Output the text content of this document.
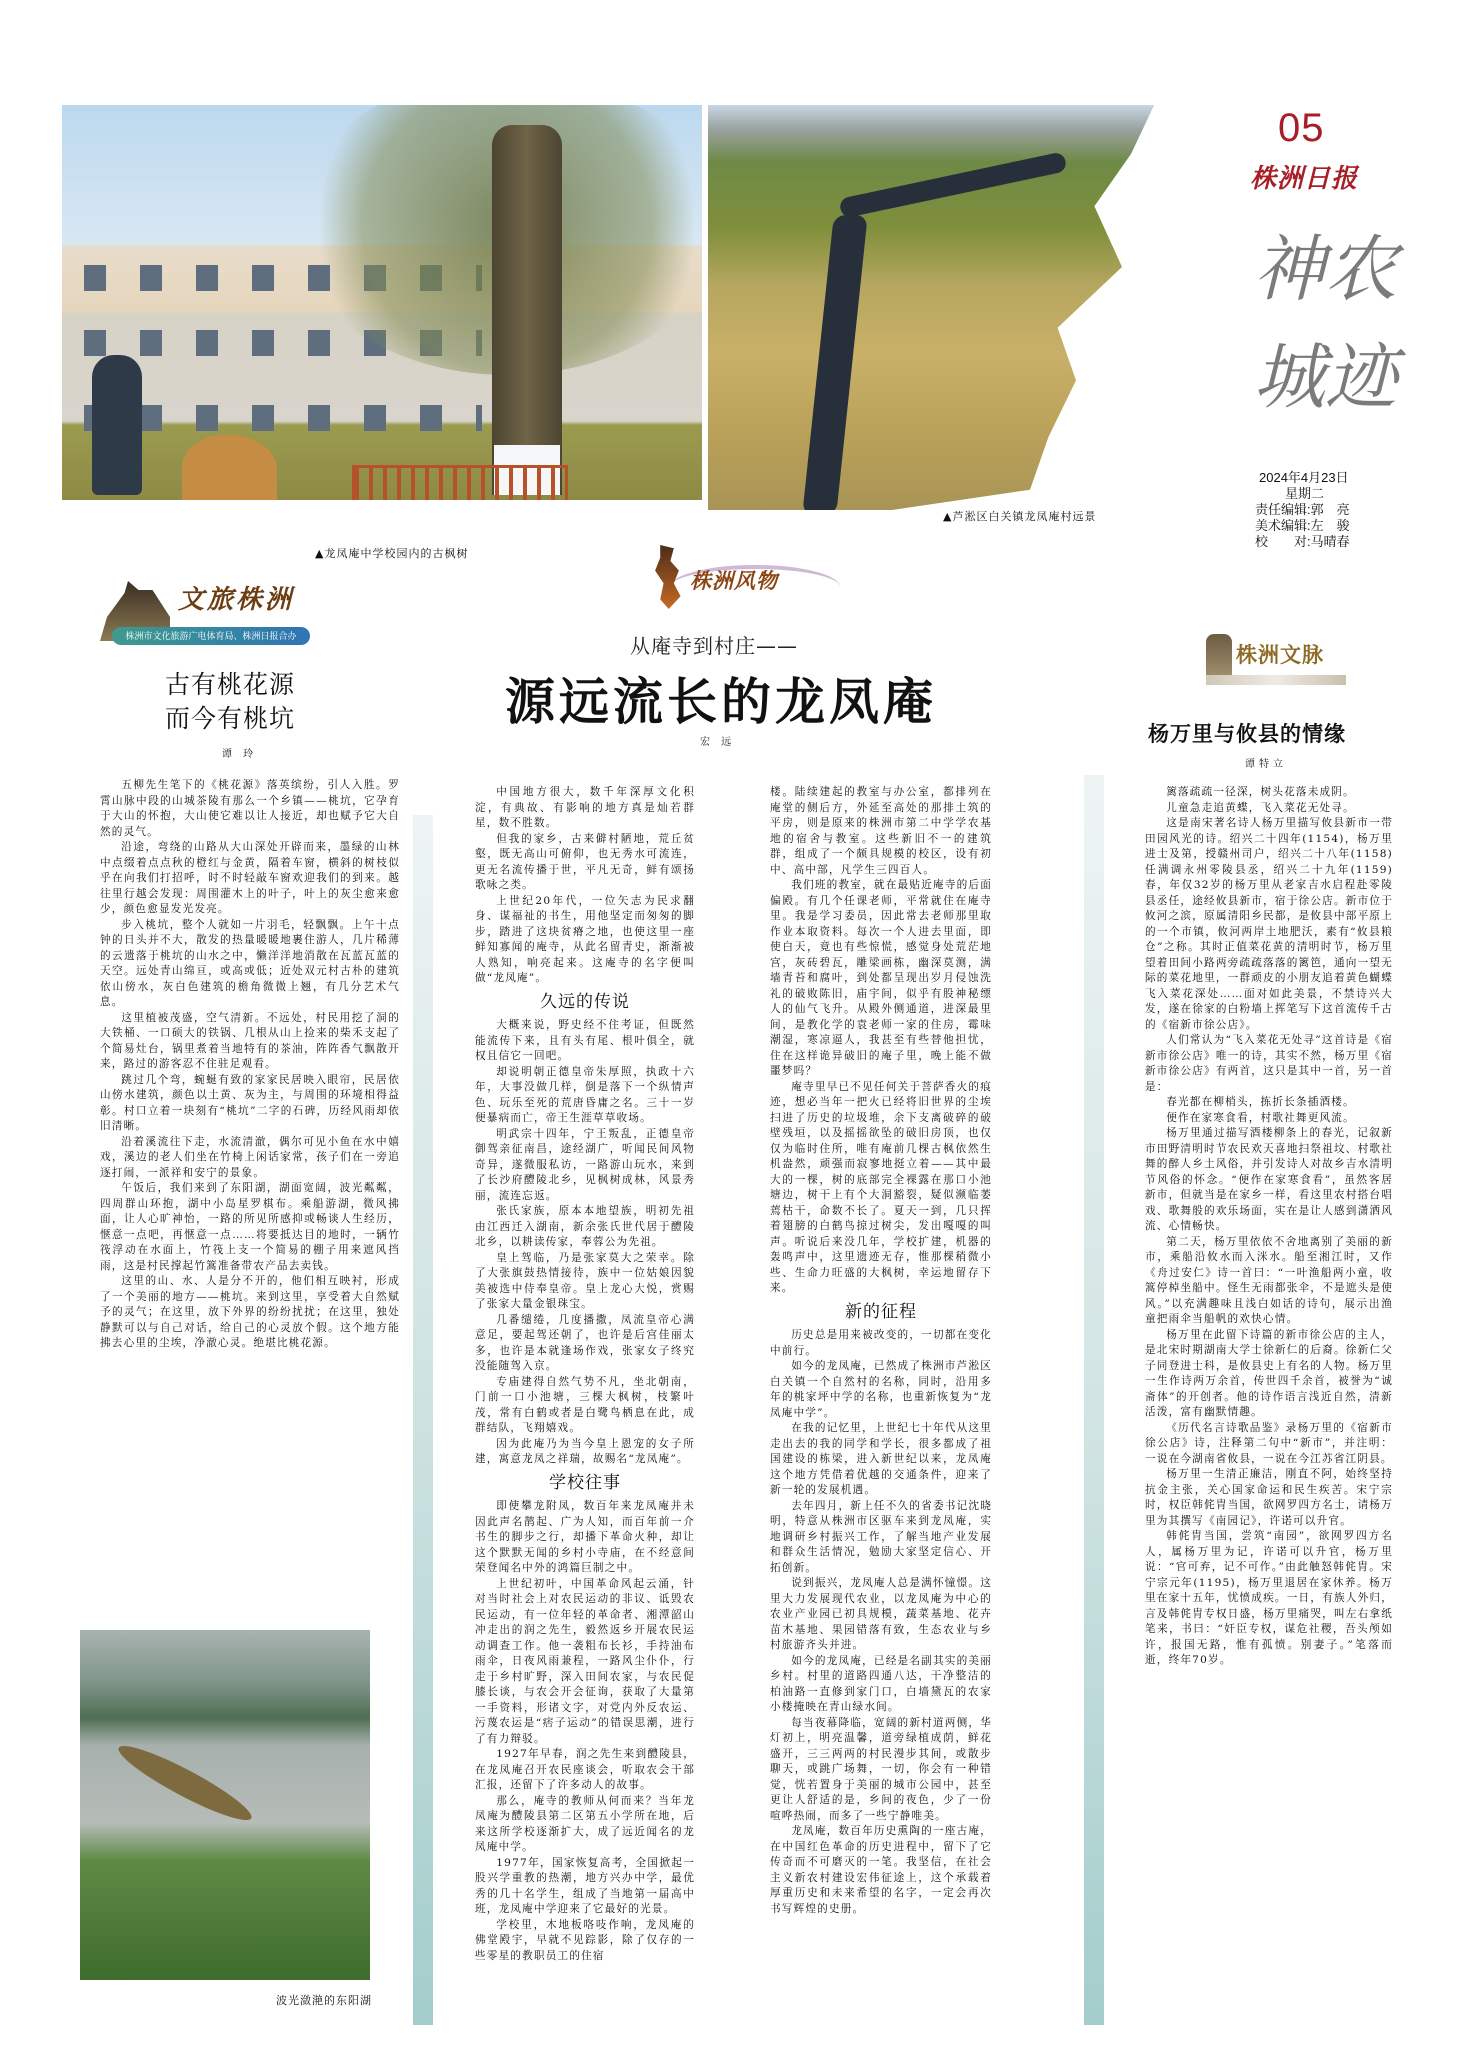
▲龙凤庵中学校园内的古枫树
▲芦淞区白关镇龙凤庵村远景
05
株洲日报
神农
城迹
2024年4月23日
星期二
责任编辑:郭　亮
美术编辑:左　骏
校　　对:马晴春
文旅株洲
株洲市文化旅游广电体育局、株洲日报合办
株洲风物
株洲文脉
古有桃花源
而今有桃坑
谭 玲

五柳先生笔下的《桃花源》落英缤纷，引人入胜。罗霄山脉中段的山城茶陵有那么一个乡镇——桃坑，它孕育于大山的怀抱，大山使它难以让人接近，却也赋予它大自然的灵气。

沿途，弯绕的山路从大山深处开辟而来，墨绿的山林中点缀着点点秋的橙红与金黄，隔着车窗，横斜的树枝似乎在向我们打招呼，时不时轻敲车窗欢迎我们的到来。越往里行越会发现：周围灌木上的叶子，叶上的灰尘愈来愈少，颜色愈显发光发亮。

步入桃坑，整个人就如一片羽毛，轻飘飘。上午十点钟的日头并不大，散发的热量暖暖地裹住游人，几片稀薄的云遗落于桃坑的山水之中，懒洋洋地消散在瓦蓝瓦蓝的天空。远处青山绵亘，或高或低；近处双元村古朴的建筑依山傍水，灰白色建筑的檐角微微上翘，有几分艺术气息。

这里植被茂盛，空气清新。不远处，村民用挖了洞的大铁桶、一口硕大的铁锅、几根从山上捡来的柴禾支起了个简易灶台，锅里煮着当地特有的茶油，阵阵香气飘散开来，路过的游客忍不住驻足观看。

跳过几个弯，蜿蜒有致的家家民居映入眼帘，民居依山傍水建筑，颜色以土黄、灰为主，与周围的环境相得益彰。村口立着一块刻有“桃坑”二字的石碑，历经风雨却依旧清晰。

沿着溪流往下走，水流清澈，偶尔可见小鱼在水中嬉戏，溪边的老人们坐在竹椅上闲话家常，孩子们在一旁追逐打闹，一派祥和安宁的景象。

午饭后，我们来到了东阳湖，湖面宽阔，波光粼粼，四周群山环抱，湖中小岛星罗棋布。乘船游湖，微风拂面，让人心旷神怡，一路的所见所感抑或畅谈人生经历，惬意一点吧，再惬意一点……将要抵达目的地时，一辆竹筏浮动在水面上，竹筏上支一个简易的棚子用来遮风挡雨，这是村民撑起竹篙准备带农产品去卖钱。

这里的山、水、人是分不开的，他们相互映衬，形成了一个美丽的地方——桃坑。来到这里，享受着大自然赋予的灵气；在这里，放下外界的纷纷扰扰；在这里，独处静默可以与自己对话，给自己的心灵放个假。这个地方能拂去心里的尘埃，净澈心灵。绝堪比桃花源。

波光潋滟的东阳湖
从庵寺到村庄——
源远流长的龙凤庵
宏 远

中国地方很大，数千年深厚文化积淀，有典故、有影响的地方真是灿若群星，数不胜数。

但我的家乡，古来僻村陋地，荒丘贫壑，既无高山可俯仰，也无秀水可流连，更无名流传播于世，平凡无奇，鲜有颂扬歌咏之类。

上世纪20年代，一位矢志为民求翻身、谋福祉的书生，用他坚定而匆匆的脚步，踏进了这块贫瘠之地，也使这里一座鲜知寡闻的庵寺，从此名留青史，渐渐被人熟知，响亮起来。这庵寺的名字便叫做“龙凤庵”。

久远的传说

大概来说，野史经不住考证，但既然能流传下来，且有头有尾、根叶俱全，就权且信它一回吧。

却说明朝正德皇帝朱厚照，执政十六年，大事没做几样，倒是落下一个纵情声色、玩乐至死的荒唐昏庸之名。三十一岁便暴病而亡，帝王生涯草草收场。

明武宗十四年，宁王叛乱，正德皇帝御驾亲征南昌，途经湖广，听闻民间风物奇异，遂微服私访，一路游山玩水，来到了长沙府醴陵北乡，见枫树成林，风景秀丽，流连忘返。

张氏家族，原本本地望族，明初先祖由江西迁入湖南，新余张氏世代居于醴陵北乡，以耕读传家，奉蓉公为先祖。

皇上驾临，乃是张家莫大之荣幸。除了大张旗鼓热情接待，族中一位姑娘因貌美被选中侍奉皇帝。皇上龙心大悦，赏赐了张家大量金银珠宝。

几番缱绻，几度播撒，凤流皇帝心满意足，要起驾还朝了，也许是后宫佳丽太多，也许是本就逢场作戏，张家女子终究没能随驾入京。

专庙建得自然气势不凡，坐北朝南，门前一口小池塘，三棵大枫树，枝繁叶茂，常有白鹤或者是白鹭鸟栖息在此，成群结队，飞翔嬉戏。

因为此庵乃为当今皇上恩宠的女子所建，寓意龙凤之祥瑞，故赐名“龙凤庵”。

学校往事

即使攀龙附凤，数百年来龙凤庵并未因此声名鹊起、广为人知，而百年前一介书生的脚步之行，却播下革命火种，却让这个默默无闻的乡村小寺庙，在不经意间荣登闻名中外的鸿篇巨制之中。

上世纪初叶，中国革命风起云涌，针对当时社会上对农民运动的非议、诋毁农民运动，有一位年轻的革命者、湘潭韶山冲走出的润之先生，毅然返乡开展农民运动调查工作。他一袭粗布长衫，手持油布雨伞，日夜风雨兼程，一路风尘仆仆，行走于乡村旷野，深入田间农家，与农民促膝长谈，与农会开会征询，获取了大量第一手资料，形诸文字，对党内外反农运、污蔑农运是“痞子运动”的错误思潮，进行了有力辩驳。

1927年早春，润之先生来到醴陵县，在龙凤庵召开农民座谈会，听取农会干部汇报，还留下了许多动人的故事。

那么，庵寺的教师从何而来？当年龙凤庵为醴陵县第二区第五小学所在地，后来这所学校逐渐扩大，成了远近闻名的龙凤庵中学。

1977年，国家恢复高考，全国掀起一股兴学重教的热潮，地方兴办中学，最优秀的几十名学生，组成了当地第一届高中班，龙凤庵中学迎来了它最好的光景。

学校里，木地板咯吱作响，龙凤庵的佛堂殿宇，早就不见踪影，除了仅存的一些零星的教职员工的住宿

楼。陆续建起的教室与办公室，都排列在庵堂的侧后方，外延至高处的那排土筑的平房，则是原来的株洲市第二中学学农基地的宿舍与教室。这些新旧不一的建筑群，组成了一个颇具规模的校区，设有初中、高中部，凡学生三四百人。

我们班的教室，就在最贴近庵寺的后面偏殿。有几个任课老师，平常就住在庵寺里。我是学习委员，因此常去老师那里取作业本取资料。每次一个人进去里面，即使白天，竟也有些惊慌，感觉身处荒茫地宫，灰砖碧瓦，雕梁画栋，幽深莫测，满墙青苔和腐叶，到处都呈现出岁月侵蚀洗礼的破败陈旧，庙宇间，似乎有股神秘缥人的仙气飞升。从殿外侧通道，进深最里间，是教化学的袁老师一家的住房，霉味潮湿，寒凉逼人，我甚至有些替他担忧，住在这样诡异破旧的庵子里，晚上能不做噩梦吗？

庵寺里早已不见任何关于菩萨香火的痕迹，想必当年一把火已经将旧世界的尘埃扫进了历史的垃圾堆，余下支离破碎的破壁残垣，以及摇摇欲坠的破旧房顶，也仅仅为临时住所，唯有庵前几棵古枫依然生机盎然，顽强而寂寥地挺立着——其中最大的一棵，树的底部完全裸露在那口小池塘边，树干上有个大洞豁裂，疑似濒临萎蔫枯干，命数不长了。夏天一到，几只挥着翅膀的白鹤鸟掠过树尖，发出嘎嘎的叫声。听说后来没几年，学校扩建，机器的轰鸣声中，这里遗迹无存，惟那棵稍微小些、生命力旺盛的大枫树，幸运地留存下来。

新的征程

历史总是用来被改变的，一切都在变化中前行。

如今的龙凤庵，已然成了株洲市芦淞区白关镇一个自然村的名称，同时，沿用多年的桃家坪中学的名称，也重新恢复为“龙凤庵中学”。

在我的记忆里，上世纪七十年代从这里走出去的我的同学和学长，很多都成了祖国建设的栋梁，进入新世纪以来，龙凤庵这个地方凭借着优越的交通条件，迎来了新一轮的发展机遇。

去年四月，新上任不久的省委书记沈晓明，特意从株洲市区驱车来到龙凤庵，实地调研乡村振兴工作，了解当地产业发展和群众生活情况，勉励大家坚定信心、开拓创新。

说到振兴，龙凤庵人总是满怀憧憬。这里大力发展现代农业，以龙凤庵为中心的农业产业园已初具规模，蔬菜基地、花卉苗木基地、果园错落有致，生态农业与乡村旅游齐头并进。

如今的龙凤庵，已经是名副其实的美丽乡村。村里的道路四通八达，干净整洁的柏油路一直修到家门口，白墙黛瓦的农家小楼掩映在青山绿水间。

每当夜幕降临，宽阔的新村道两侧，华灯初上，明亮温馨，道旁绿植成荫，鲜花盛开，三三两两的村民漫步其间，或散步聊天，或跳广场舞，一切，你会有一种错觉，恍若置身于美丽的城市公园中，甚至更让人舒适的是，乡间的夜色，少了一份喧哗热闹，而多了一些宁静唯美。

龙凤庵，数百年历史熏陶的一座古庵，在中国红色革命的历史进程中，留下了它传奇而不可磨灭的一笔。我坚信，在社会主义新农村建设宏伟征途上，这个承载着厚重历史和未来希望的名字，一定会再次书写辉煌的史册。

杨万里与攸县的情缘
谭特立

篱落疏疏一径深，树头花落未成阴。

儿童急走追黄蝶，飞入菜花无处寻。

这是南宋著名诗人杨万里描写攸县新市一带田园风光的诗。绍兴二十四年(1154)，杨万里进士及第，授赣州司户，绍兴二十八年(1158)任满调永州零陵县丞，绍兴二十九年(1159)春，年仅32岁的杨万里从老家吉水启程赴零陵县丞任，途经攸县新市，宿于徐公店。新市位于攸河之滨，原属清阳乡民都，是攸县中部平原上的一个市镇，攸河两岸土地肥沃，素有“攸县粮仓”之称。其时正值菜花黄的清明时节，杨万里望着田间小路两旁疏疏落落的篱笆，通向一望无际的菜花地里，一群顽皮的小朋友追着黄色蝴蝶飞入菜花深处……面对如此美景，不禁诗兴大发，遂在徐家的白粉墙上挥笔写下这首流传千古的《宿新市徐公店》。

人们常认为“飞入菜花无处寻”这首诗是《宿新市徐公店》唯一的诗，其实不然，杨万里《宿新市徐公店》有两首，这只是其中一首，另一首是：

春光都在柳梢头，拣折长条插酒楼。

便作在家寒食看，村歌社舞更风流。

杨万里通过描写酒楼柳条上的春光，记叙新市田野清明时节农民欢天喜地扫祭祖坟、村歌社舞的醉人乡土风俗，并引发诗人对故乡吉水清明节风俗的怀念。“便作在家寒食看”，虽然客居新市，但就当是在家乡一样，看这里农村搭台唱戏、歌舞般的欢乐场面，实在是让人感到潇洒风流、心情畅快。

第二天，杨万里依依不舍地离别了美丽的新市，乘船沿攸水而入洣水。船至湘江时，又作《舟过安仁》诗一首曰：“一叶渔船两小童，收篙停棹坐船中。怪生无雨都张伞，不是遮头是使风。”以充满趣味且浅白如话的诗句，展示出渔童把雨伞当船帆的欢快心情。

杨万里在此留下诗篇的新市徐公店的主人，是北宋时期湖南大学士徐新仁的后裔。徐新仁父子同登进士科，是攸县史上有名的人物。杨万里一生作诗两万余首，传世四千余首，被誉为“诚斋体”的开创者。他的诗作语言浅近自然，清新活泼，富有幽默情趣。

《历代名言诗歌品鉴》录杨万里的《宿新市徐公店》诗，注释第二句中“新市”，并注明：一说在今湖南省攸县，一说在今江苏省江阴县。

杨万里一生清正廉洁，刚直不阿，始终坚持抗金主张，关心国家命运和民生疾苦。宋宁宗时，权臣韩侂胄当国，欲网罗四方名士，请杨万里为其撰写《南园记》，许诺可以升官。

韩侂胄当国，尝筑“南园”，欲网罗四方名人，属杨万里为记，许诺可以升官，杨万里说：“官可弃，记不可作。”由此触怒韩侂胄。宋宁宗元年(1195)，杨万里退居在家休养。杨万里在家十五年，忧愤成疾。一日，有族人外归，言及韩侂胄专权日盛，杨万里痛哭，叫左右拿纸笔来，书曰：“奸臣专权，谋危社稷，吾头颅如许，报国无路，惟有孤愤。别妻子。”笔落而逝，终年70岁。
